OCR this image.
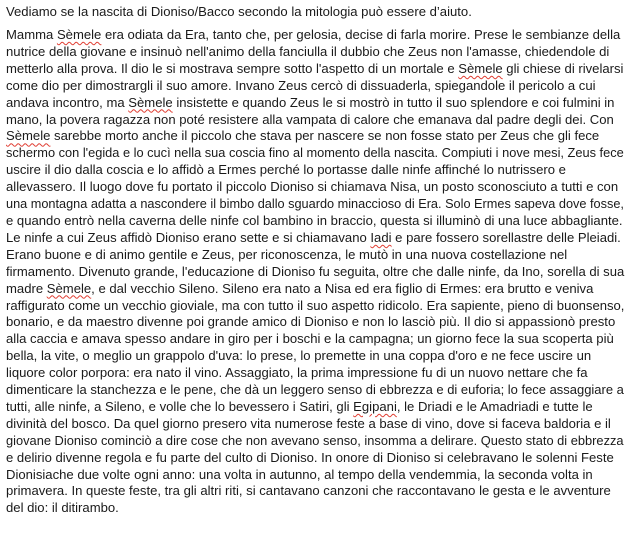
Vediamo se la nascita di Dioniso/Bacco secondo la mitologia può essere d’aiuto.

Mamma Sèmele era odiata da Era, tanto che, per gelosia, decise di farla morire. Prese le sembianze della
nutrice della giovane e insinuò nell'animo della fanciulla il dubbio che Zeus non l'amasse, chiedendole di
metterlo alla prova. Il dio le si mostrava sempre sotto l'aspetto di un mortale e Sèmele gli chiese di rivelarsi
come dio per dimostrargli il suo amore. Invano Zeus cercò di dissuaderla, spiegandole il pericolo a cui
andava incontro, ma Sèmele insistette e quando Zeus le si mostrò in tutto il suo splendore e coi fulmini in
mano, la povera ragazza non poté resistere alla vampata di calore che emanava dal padre degli dei. Con
Sèmele sarebbe morto anche il piccolo che stava per nascere se non fosse stato per Zeus che gli fece
schermo con l'egida e lo cucì nella sua coscia fino al momento della nascita. Compiuti i nove mesi, Zeus fece
uscire il dio dalla coscia e lo affidò a Ermes perché lo portasse dalle ninfe affinché lo nutrissero e
allevassero. Il luogo dove fu portato il piccolo Dioniso si chiamava Nisa, un posto sconosciuto a tutti e con
una montagna adatta a nascondere il bimbo dallo sguardo minaccioso di Era. Solo Ermes sapeva dove fosse,
e quando entrò nella caverna delle ninfe col bambino in braccio, questa si illuminò di una luce abbagliante.
Le ninfe a cui Zeus affidò Dioniso erano sette e si chiamavano Iadi e pare fossero sorellastre delle Pleiadi.
Erano buone e di animo gentile e Zeus, per riconoscenza, le mutò in una nuova costellazione nel
firmamento. Divenuto grande, l'educazione di Dioniso fu seguita, oltre che dalle ninfe, da Ino, sorella di sua
madre Sèmele, e dal vecchio Sileno. Sileno era nato a Nisa ed era figlio di Ermes: era brutto e veniva
raffigurato come un vecchio gioviale, ma con tutto il suo aspetto ridicolo. Era sapiente, pieno di buonsenso,
bonario, e da maestro divenne poi grande amico di Dioniso e non lo lasciò più. Il dio si appassionò presto
alla caccia e amava spesso andare in giro per i boschi e la campagna; un giorno fece la sua scoperta più
bella, la vite, o meglio un grappolo d'uva: lo prese, lo premette in una coppa d'oro e ne fece uscire un
liquore color porpora: era nato il vino. Assaggiato, la prima impressione fu di un nuovo nettare che fa
dimenticare la stanchezza e le pene, che dà un leggero senso di ebbrezza e di euforia; lo fece assaggiare a
tutti, alle ninfe, a Sileno, e volle che lo bevessero i Satiri, gli Egipani, le Driadi e le Amadriadi e tutte le
divinità del bosco. Da quel giorno presero vita numerose feste a base di vino, dove si faceva baldoria e il
giovane Dioniso cominciò a dire cose che non avevano senso, insomma a delirare. Questo stato di ebbrezza
e delirio divenne regola e fu parte del culto di Dioniso. In onore di Dioniso si celebravano le solenni Feste
Dionisiache due volte ogni anno: una volta in autunno, al tempo della vendemmia, la seconda volta in
primavera. In queste feste, tra gli altri riti, si cantavano canzoni che raccontavano le gesta e le avventure
del dio: il ditirambo.
